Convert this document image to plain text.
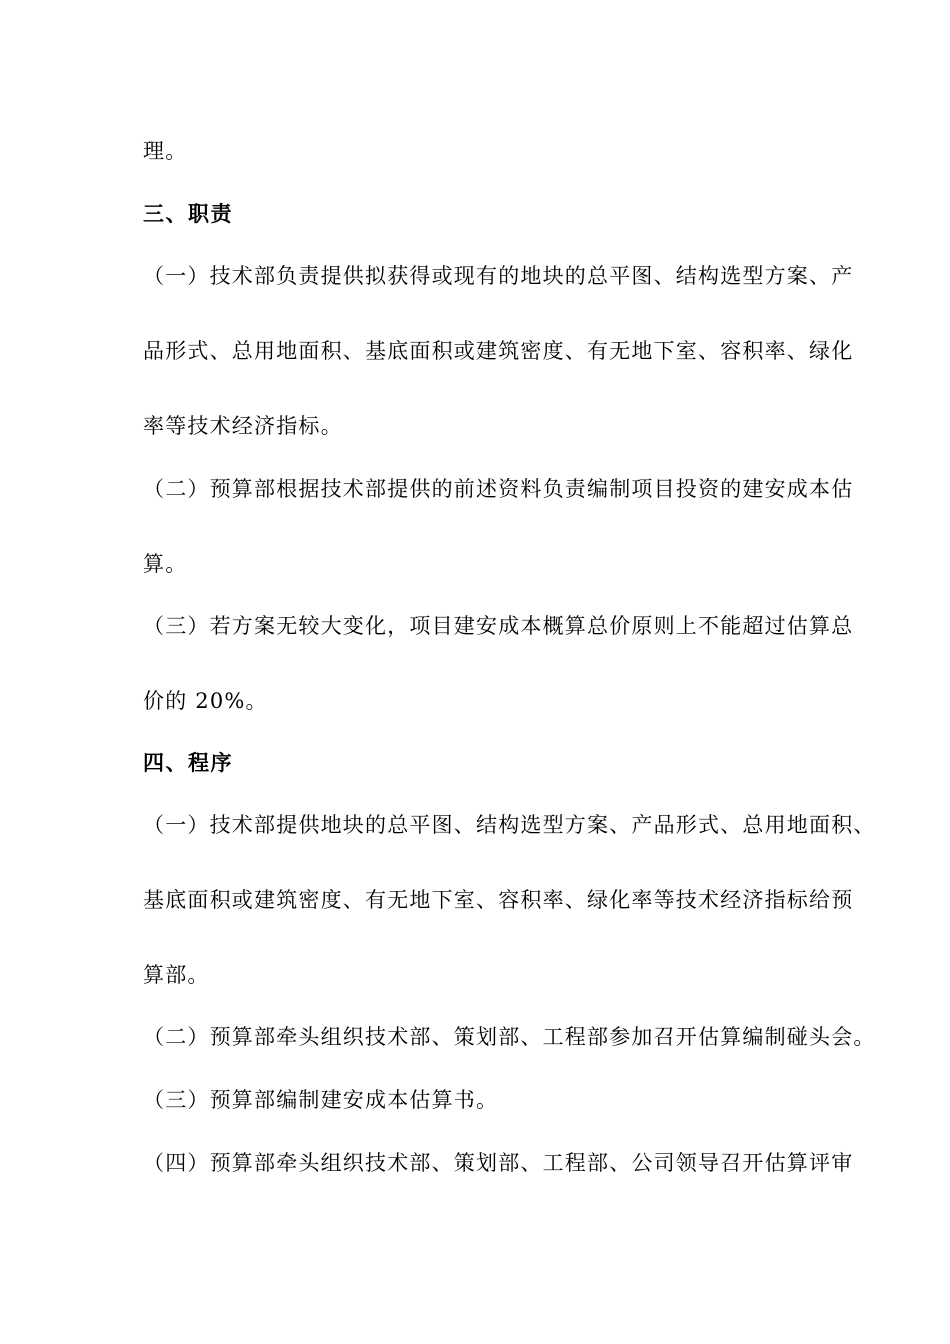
理。
三、职责
（一）技术部负责提供拟获得或现有的地块的总平图、结构选型方案、产
品形式、总用地面积、基底面积或建筑密度、有无地下室、容积率、绿化
率等技术经济指标。
（二）预算部根据技术部提供的前述资料负责编制项目投资的建安成本估
算。
（三）若方案无较大变化，项目建安成本概算总价原则上不能超过估算总
价的 20%。
四、程序
（一）技术部提供地块的总平图、结构选型方案、产品形式、总用地面积、
基底面积或建筑密度、有无地下室、容积率、绿化率等技术经济指标给预
算部。
（二）预算部牵头组织技术部、策划部、工程部参加召开估算编制碰头会。
（三）预算部编制建安成本估算书。
（四）预算部牵头组织技术部、策划部、工程部、公司领导召开估算评审
